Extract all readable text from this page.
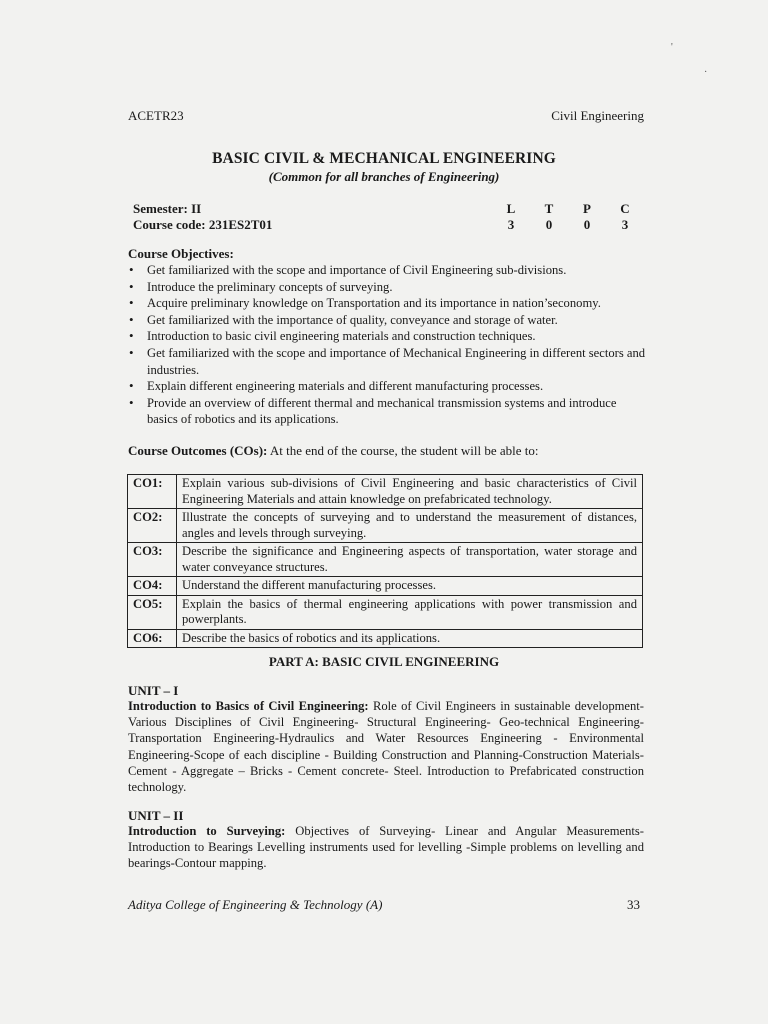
'
·
ACETR23	Civil Engineering
BASIC CIVIL & MECHANICAL ENGINEERING
(Common for all branches of Engineering)
Semester: II
Course code: 231ES2T01
L	T	P	C
3	0	0	3
Course Objectives:
• Get familiarized with the scope and importance of Civil Engineering sub-divisions.
• Introduce the preliminary concepts of surveying.
• Acquire preliminary knowledge on Transportation and its importance in nation’seconomy.
• Get familiarized with the importance of quality, conveyance and storage of water.
• Introduction to basic civil engineering materials and construction techniques.
• Get familiarized with the scope and importance of Mechanical Engineering in different sectors and industries.
• Explain different engineering materials and different manufacturing processes.
• Provide an overview of different thermal and mechanical transmission systems and introduce basics of robotics and its applications.
Course Outcomes (COs): At the end of the course, the student will be able to:
CO1:	Explain various sub-divisions of Civil Engineering and basic characteristics of Civil Engineering Materials and attain knowledge on prefabricated technology.
CO2:	Illustrate the concepts of surveying and to understand the measurement of distances, angles and levels through surveying.
CO3:	Describe the significance and Engineering aspects of transportation, water storage and water conveyance structures.
CO4:	Understand the different manufacturing processes.
CO5:	Explain the basics of thermal engineering applications with power transmission and powerplants.
CO6:	Describe the basics of robotics and its applications.
PART A: BASIC CIVIL ENGINEERING
UNIT – I
Introduction to Basics of Civil Engineering: Role of Civil Engineers in sustainable development- Various Disciplines of Civil Engineering- Structural Engineering- Geo-technical Engineering- Transportation Engineering-Hydraulics and Water Resources Engineering - Environmental Engineering-Scope of each discipline - Building Construction and Planning-Construction Materials-Cement - Aggregate – Bricks - Cement concrete- Steel. Introduction to Prefabricated construction technology.
UNIT – II
Introduction to Surveying: Objectives of Surveying- Linear and Angular Measurements-Introduction to Bearings Levelling instruments used for levelling -Simple problems on levelling and bearings-Contour mapping.
Aditya College of Engineering & Technology (A)	33
